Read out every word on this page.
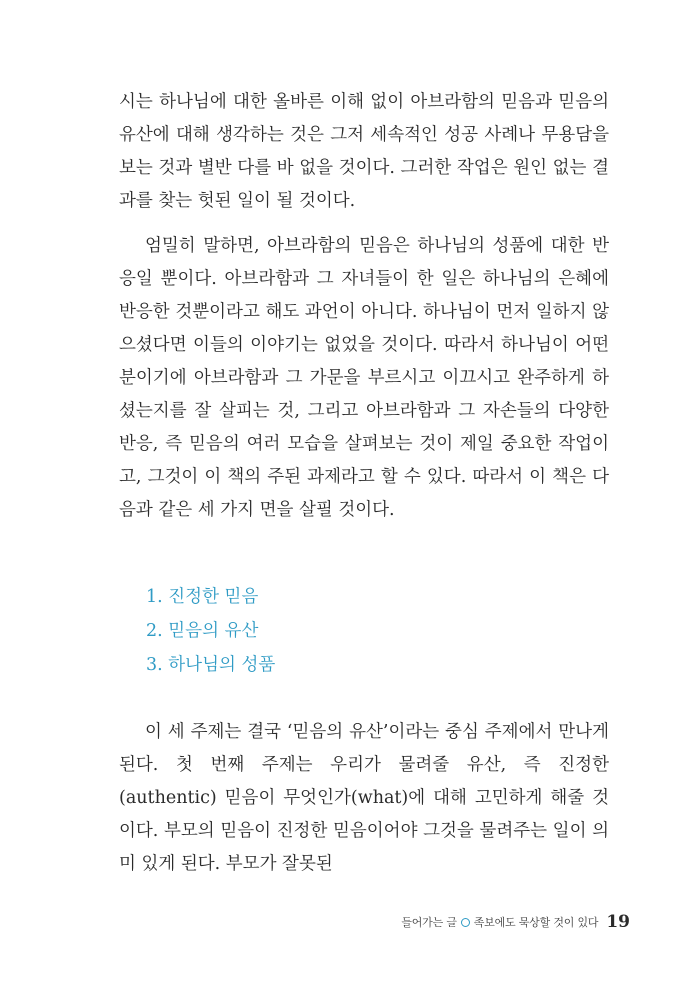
시는 하나님에 대한 올바른 이해 없이 아브라함의 믿음과 믿음의 유산에 대해 생각하는 것은 그저 세속적인 성공 사례나 무용담을 보는 것과 별반 다를 바 없을 것이다. 그러한 작업은 원인 없는 결과를 찾는 헛된 일이 될 것이다.

엄밀히 말하면, 아브라함의 믿음은 하나님의 성품에 대한 반응일 뿐이다. 아브라함과 그 자녀들이 한 일은 하나님의 은혜에 반응한 것뿐이라고 해도 과언이 아니다. 하나님이 먼저 일하지 않으셨다면 이들의 이야기는 없었을 것이다. 따라서 하나님이 어떤 분이기에 아브라함과 그 가문을 부르시고 이끄시고 완주하게 하셨는지를 잘 살피는 것, 그리고 아브라함과 그 자손들의 다양한 반응, 즉 믿음의 여러 모습을 살펴보는 것이 제일 중요한 작업이고, 그것이 이 책의 주된 과제라고 할 수 있다. 따라서 이 책은 다음과 같은 세 가지 면을 살필 것이다.

1. 진정한 믿음
2. 믿음의 유산
3. 하나님의 성품

이 세 주제는 결국 ‘믿음의 유산’이라는 중심 주제에서 만나게 된다. 첫 번째 주제는 우리가 물려줄 유산, 즉 진정한(authentic) 믿음이 무엇인가(what)에 대해 고민하게 해줄 것이다. 부모의 믿음이 진정한 믿음이어야 그것을 물려주는 일이 의미 있게 된다. 부모가 잘못된

들어가는 글 족보에도 묵상할 것이 있다 19
